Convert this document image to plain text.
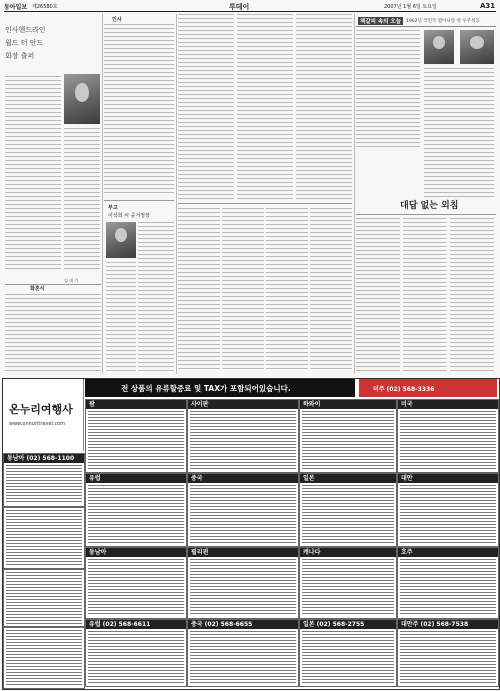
동아일보 제26580호	투데이	2007년 1월 6일 토요일	A31
인사헨드라인 월드 터 안드 회장 출퍼
김 대 기
화혼식
인사
부고
이석희 씨 중거정장
책갈피 속의 오늘	1962년 국민국 열아니랑 첫 우주성공
대답 없는 외침
전 상품의 유류할증료 및 TAX가 포함되어있습니다.	미주 (02) 568-3336
온누리여행사
www.onnuritravel.com
동남아 (02) 568-1100
괌	사이판	하와이	미국
유럽	중국	일본	대만
동남아	필리핀	캐나다	호주
유럽 (02) 568-6611	중국 (02) 568-6655	일본 (02) 568-2755	대만주 (02) 568-7538
